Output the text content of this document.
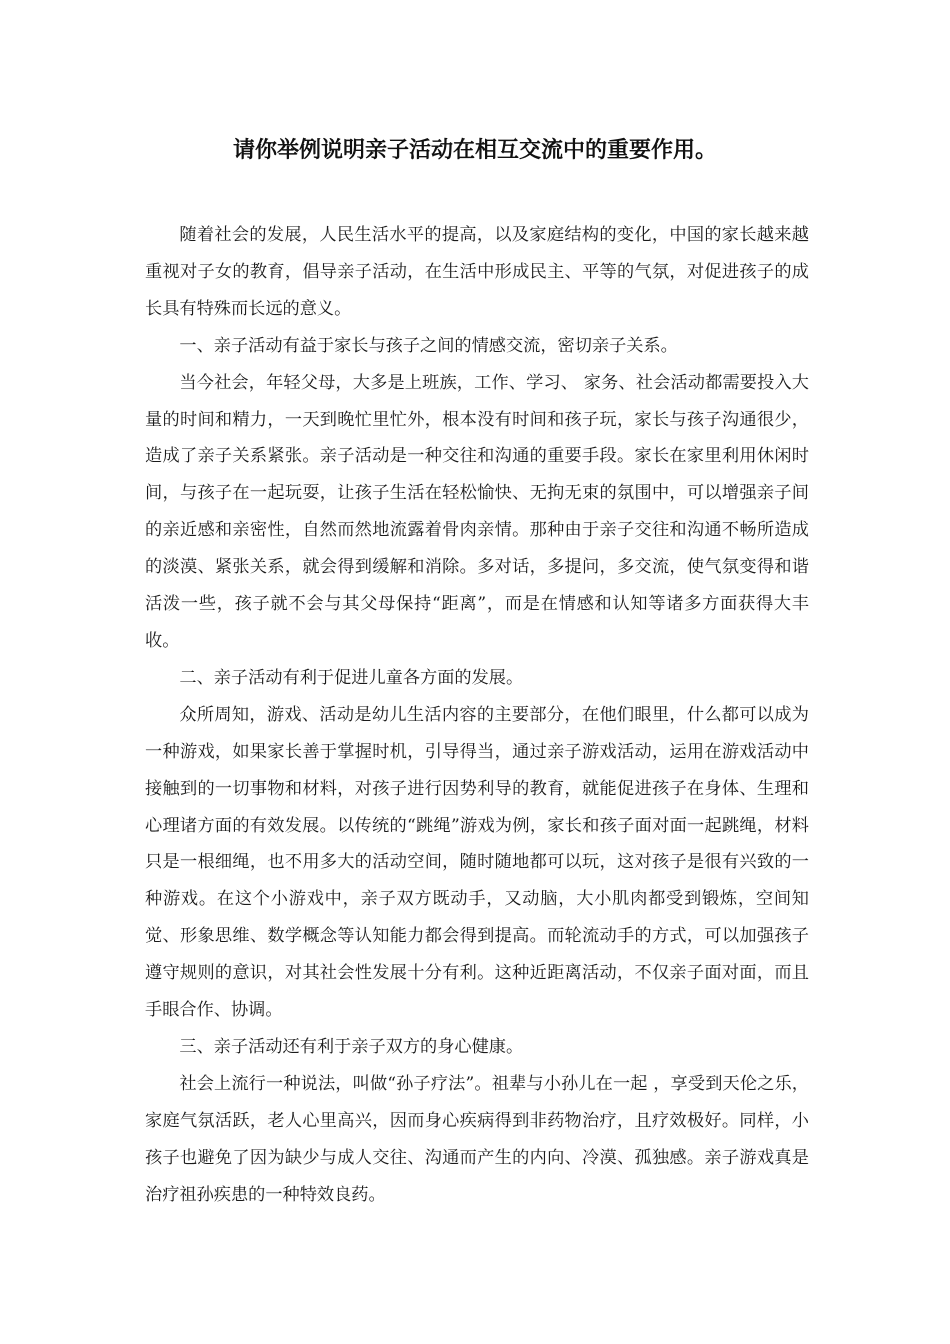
请你举例说明亲子活动在相互交流中的重要作用。

随着社会的发展，人民生活水平的提高，以及家庭结构的变化，中国的家长越来越重视对子女的教育，倡导亲子活动，在生活中形成民主、平等的气氛，对促进孩子的成长具有特殊而长远的意义。

一、亲子活动有益于家长与孩子之间的情感交流，密切亲子关系。

当今社会，年轻父母，大多是上班族，工作、学习、 家务、社会活动都需要投入大量的时间和精力，一天到晚忙里忙外，根本没有时间和孩子玩，家长与孩子沟通很少，造成了亲子关系紧张。亲子活动是一种交往和沟通的重要手段。家长在家里利用休闲时间，与孩子在一起玩耍，让孩子生活在轻松愉快、无拘无束的氛围中，可以增强亲子间的亲近感和亲密性，自然而然地流露着骨肉亲情。那种由于亲子交往和沟通不畅所造成的淡漠、紧张关系，就会得到缓解和消除。多对话，多提问，多交流，使气氛变得和谐活泼一些，孩子就不会与其父母保持“距离”，而是在情感和认知等诸多方面获得大丰收。

二、亲子活动有利于促进儿童各方面的发展。

众所周知，游戏、活动是幼儿生活内容的主要部分，在他们眼里，什么都可以成为一种游戏，如果家长善于掌握时机，引导得当，通过亲子游戏活动，运用在游戏活动中接触到的一切事物和材料，对孩子进行因势利导的教育，就能促进孩子在身体、生理和心理诸方面的有效发展。以传统的“跳绳”游戏为例，家长和孩子面对面一起跳绳，材料只是一根细绳，也不用多大的活动空间，随时随地都可以玩，这对孩子是很有兴致的一种游戏。在这个小游戏中，亲子双方既动手，又动脑，大小肌肉都受到锻炼，空间知觉、形象思维、数学概念等认知能力都会得到提高。而轮流动手的方式，可以加强孩子遵守规则的意识，对其社会性发展十分有利。这种近距离活动，不仅亲子面对面，而且手眼合作、协调。

三、亲子活动还有利于亲子双方的身心健康。

社会上流行一种说法，叫做“孙子疗法”。祖辈与小孙儿在一起 ，享受到天伦之乐，家庭气氛活跃，老人心里高兴，因而身心疾病得到非药物治疗，且疗效极好。同样，小孩子也避免了因为缺少与成人交往、沟通而产生的内向、冷漠、孤独感。亲子游戏真是治疗祖孙疾患的一种特效良药。
